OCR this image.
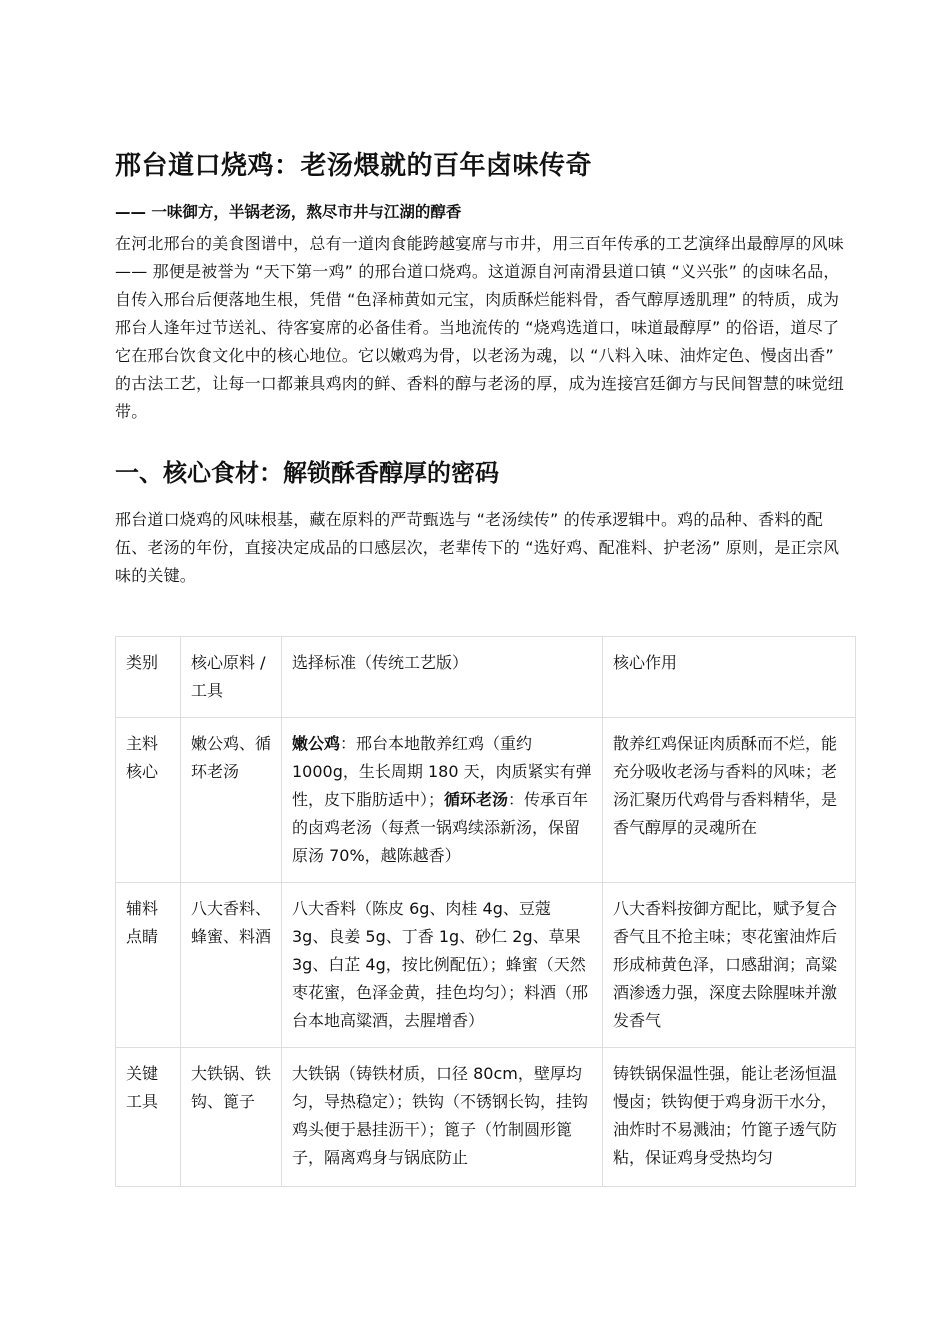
邢台道口烧鸡：老汤煨就的百年卤味传奇
—— 一味御方，半锅老汤，熬尽市井与江湖的醇香

在河北邢台的美食图谱中，总有一道肉食能跨越宴席与市井，用三百年传承的工艺演绎出最醇厚的风味 —— 那便是被誉为 “天下第一鸡” 的邢台道口烧鸡。这道源自河南滑县道口镇 “义兴张” 的卤味名品，自传入邢台后便落地生根，凭借 “色泽柿黄如元宝，肉质酥烂能料骨，香气醇厚透肌理” 的特质，成为邢台人逢年过节送礼、待客宴席的必备佳肴。当地流传的 “烧鸡选道口，味道最醇厚” 的俗语，道尽了它在邢台饮食文化中的核心地位。它以嫩鸡为骨，以老汤为魂，以 “八料入味、油炸定色、慢卤出香” 的古法工艺，让每一口都兼具鸡肉的鲜、香料的醇与老汤的厚，成为连接宫廷御方与民间智慧的味觉纽带。

一、核心食材：解锁酥香醇厚的密码

邢台道口烧鸡的风味根基，藏在原料的严苛甄选与 “老汤续传” 的传承逻辑中。鸡的品种、香料的配伍、老汤的年份，直接决定成品的口感层次，老辈传下的 “选好鸡、配准料、护老汤” 原则，是正宗风味的关键。

类别	核心原料 / 工具	选择标准（传统工艺版）	核心作用
主料核心	嫩公鸡、循环老汤	嫩公鸡：邢台本地散养红鸡（重约 1000g，生长周期 180 天，肉质紧实有弹性，皮下脂肪适中）；循环老汤：传承百年的卤鸡老汤（每煮一锅鸡续添新汤，保留原汤 70%，越陈越香）	散养红鸡保证肉质酥而不烂，能充分吸收老汤与香料的风味；老汤汇聚历代鸡骨与香料精华，是香气醇厚的灵魂所在
辅料点睛	八大香料、蜂蜜、料酒	八大香料（陈皮 6g、肉桂 4g、豆蔻 3g、良姜 5g、丁香 1g、砂仁 2g、草果 3g、白芷 4g，按比例配伍）；蜂蜜（天然枣花蜜，色泽金黄，挂色均匀）；料酒（邢台本地高粱酒，去腥增香）	八大香料按御方配比，赋予复合香气且不抢主味；枣花蜜油炸后形成柿黄色泽，口感甜润；高粱酒渗透力强，深度去除腥味并激发香气

关键工具	大铁锅、铁钩、篦子	大铁锅（铸铁材质，口径 80cm，壁厚均匀，导热稳定）；铁钩（不锈钢长钩，挂钩鸡头便于悬挂沥干）；篦子（竹制圆形篦子，隔离鸡身与锅底防止	铸铁锅保温性强，能让老汤恒温慢卤；铁钩便于鸡身沥干水分，油炸时不易溅油；竹篦子透气防粘，保证鸡身受热均匀
